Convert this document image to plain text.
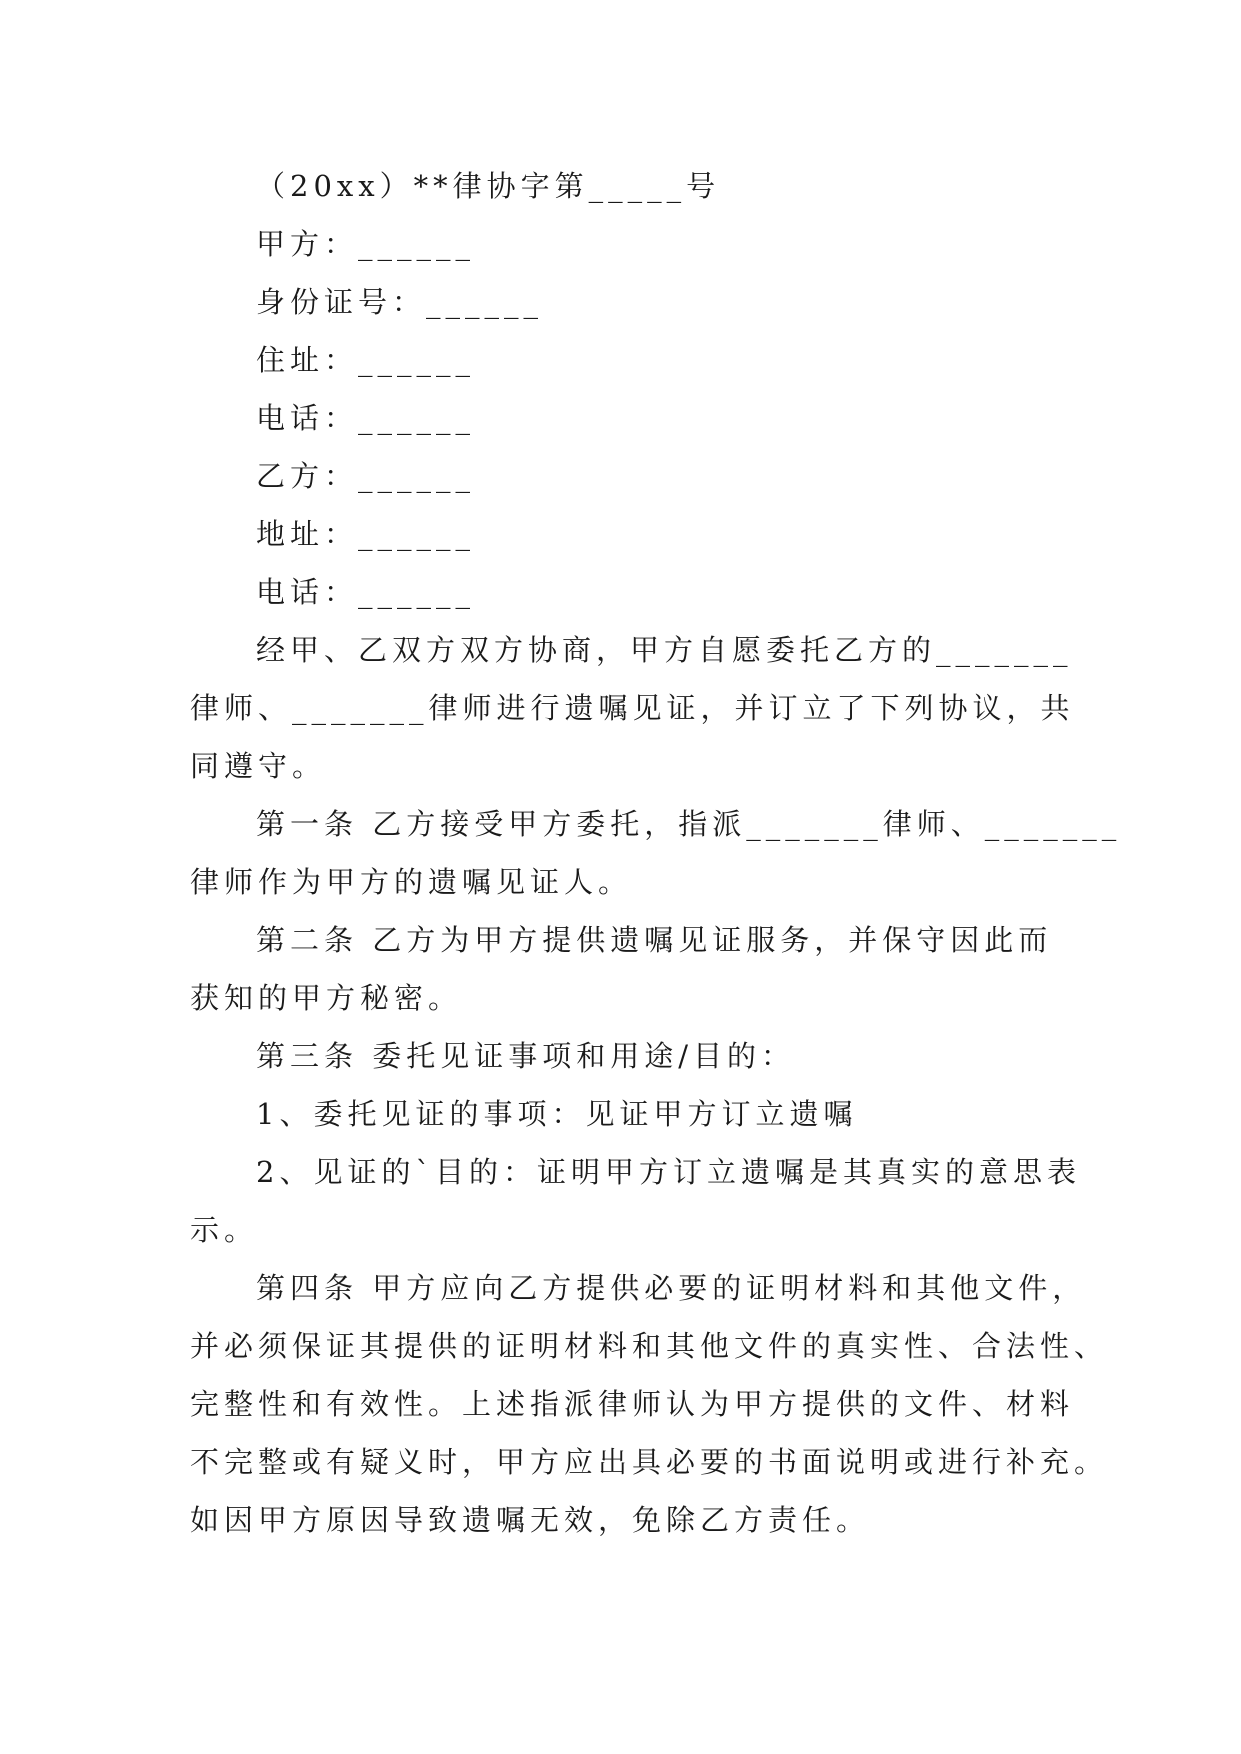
（20xx）**律协字第_____号
甲方：______
身份证号：______
住址：______
电话：______
乙方：______
地址：______
电话：______
经甲、乙双方双方协商，甲方自愿委托乙方的_______
律师、_______律师进行遗嘱见证，并订立了下列协议，共
同遵守。
第一条 乙方接受甲方委托，指派_______律师、_______
律师作为甲方的遗嘱见证人。
第二条 乙方为甲方提供遗嘱见证服务，并保守因此而
获知的甲方秘密。
第三条 委托见证事项和用途/目的：
1、委托见证的事项：见证甲方订立遗嘱
2、见证的`目的：证明甲方订立遗嘱是其真实的意思表
示。
第四条 甲方应向乙方提供必要的证明材料和其他文件，
并必须保证其提供的证明材料和其他文件的真实性、合法性、
完整性和有效性。上述指派律师认为甲方提供的文件、材料
不完整或有疑义时，甲方应出具必要的书面说明或进行补充。
如因甲方原因导致遗嘱无效，免除乙方责任。
